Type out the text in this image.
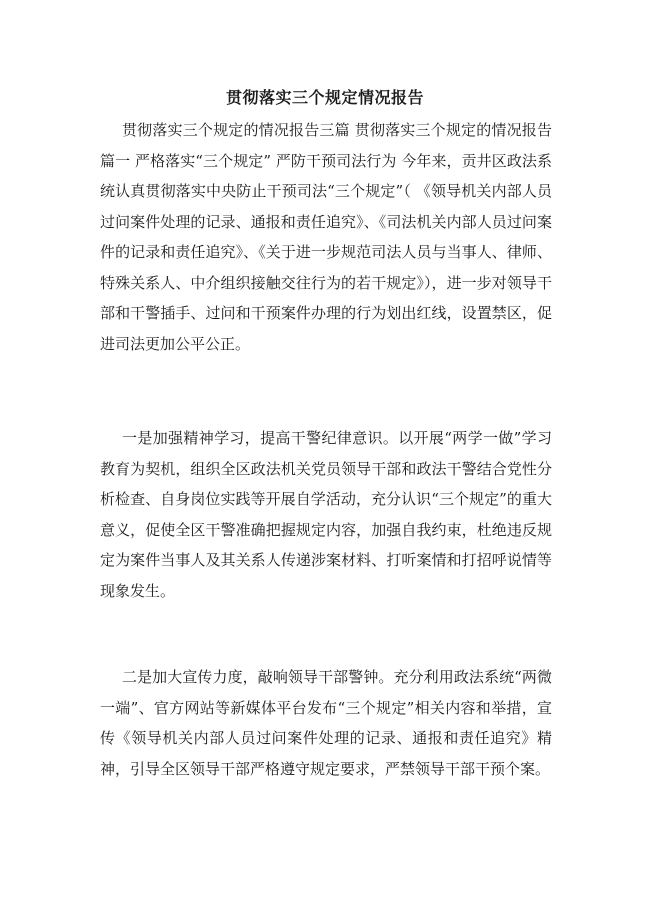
贯彻落实三个规定情况报告
贯彻落实三个规定的情况报告三篇 贯彻落实三个规定的情况报告篇一 严格落实“三个规定” 严防干预司法行为 今年来，贡井区政法系统认真贯彻落实中央防止干预司法“三个规定”（ 《领导机关内部人员过问案件处理的记录、通报和责任追究》、《司法机关内部人员过问案件的记录和责任追究》、《关于进一步规范司法人员与当事人、律师、特殊关系人、中介组织接触交往行为的若干规定》），进一步对领导干部和干警插手、过问和干预案件办理的行为划出红线，设置禁区，促进司法更加公平公正。
一是加强精神学习，提高干警纪律意识。以开展“两学一做”学习教育为契机，组织全区政法机关党员领导干部和政法干警结合党性分析检查、自身岗位实践等开展自学活动，充分认识“三个规定”的重大意义，促使全区干警准确把握规定内容，加强自我约束，杜绝违反规定为案件当事人及其关系人传递涉案材料、打听案情和打招呼说情等现象发生。
二是加大宣传力度，敲响领导干部警钟。充分利用政法系统“两微一端”、官方网站等新媒体平台发布“三个规定”相关内容和举措，宣传《领导机关内部人员过问案件处理的记录、通报和责任追究》精神，引导全区领导干部严格遵守规定要求，严禁领导干部干预个案。
